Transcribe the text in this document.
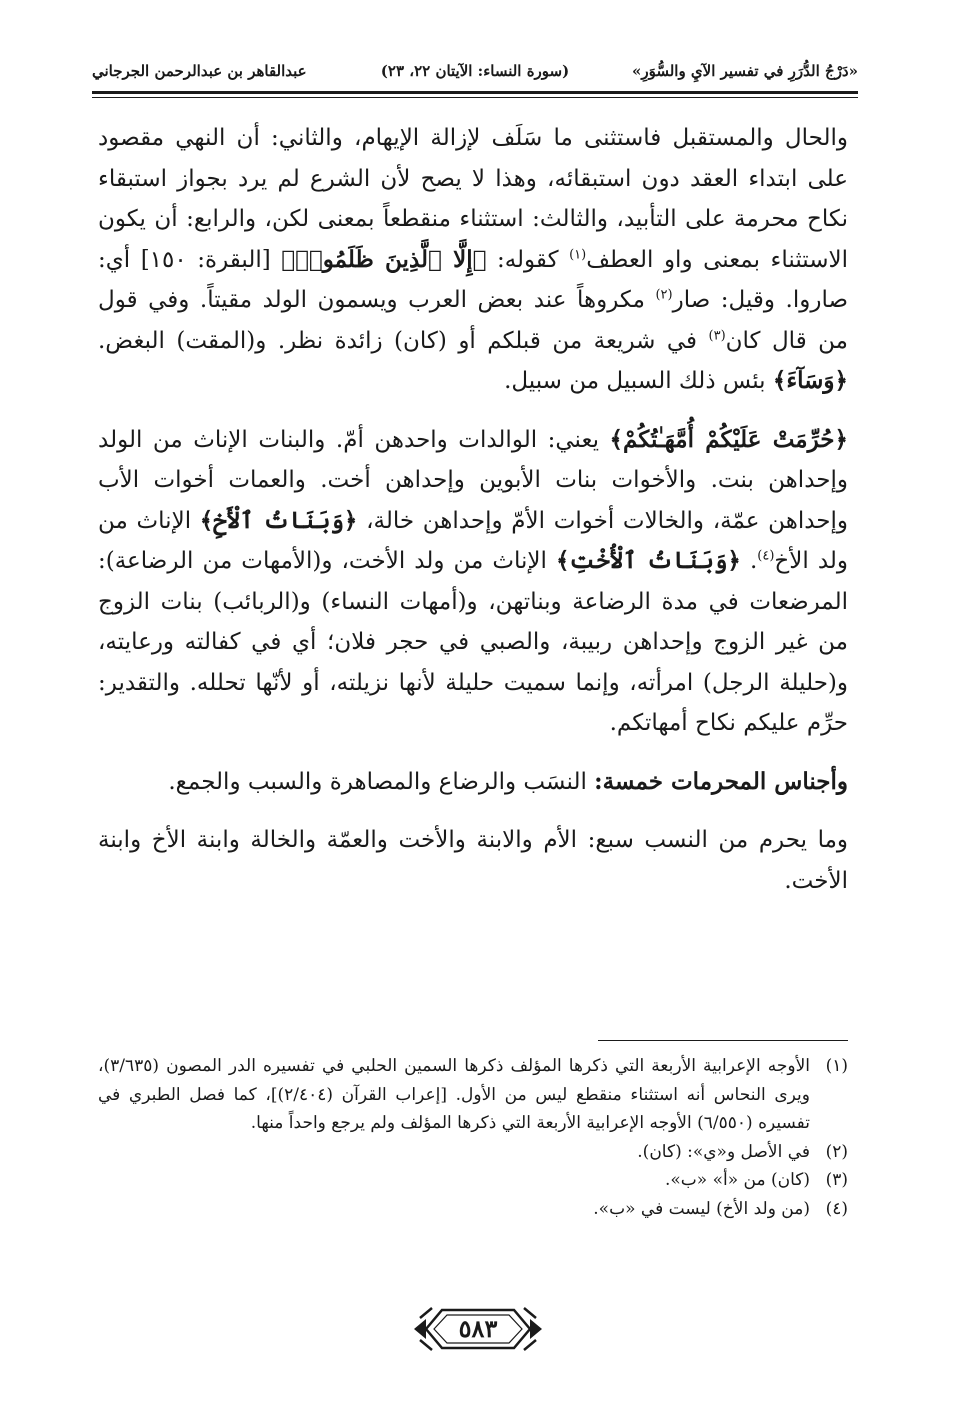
«دَرْجُ الدُّرَرِ في تفسير الآيِ والسُّوَرِ»
(سورة النساء: الآيتان ٢٢، ٢٣)
عبدالقاهر بن عبدالرحمن الجرجاني

والحال والمستقبل فاستثنى ما سَلَف لإزالة الإيهام، والثاني: أن النهي مقصود على ابتداء العقد دون استبقائه، وهذا لا يصح لأن الشرع لم يرد بجواز استبقاء نكاح محرمة على التأبيد، والثالث: استثناء منقطعاً بمعنى لكن، والرابع: أن يكون الاستثناء بمعنى واو العطف$^{(١)}$ كقوله: ﴿إِلَّا ٱلَّذِينَ ظَلَمُوا۟﴾ [البقرة: ١٥٠] أي: صاروا. وقيل: صار$^{(٢)}$ مكروهاً عند بعض العرب ويسمون الولد مقيتاً. وفي قول من قال كان$^{(٣)}$ في شريعة من قبلكم أو (كان) زائدة نظر. و(المقت) البغض. ﴿وَسَآءَ﴾ بئس ذلك السبيل من سبيل.

﴿حُرِّمَتْ عَلَيْكُمْ أُمَّهَـٰتُكُمْ﴾ يعني: الوالدات واحدهن أمّ. والبنات الإناث من الولد وإحداهن بنت. والأخوات بنات الأبوين وإحداهن أخت. والعمات أخوات الأب وإحداهن عمّة، والخالات أخوات الأمّ وإحداهن خالة، ﴿وَبَنَاتُ ٱلْأَخِ﴾ الإناث من ولد الأخ$^{(٤)}$. ﴿وَبَنَاتُ ٱلْأُخْتِ﴾ الإناث من ولد الأخت، و(الأمهات من الرضاعة): المرضعات في مدة الرضاعة وبناتهن، و(أمهات النساء) و(الربائب) بنات الزوج من غير الزوج وإحداهن ربيبة، والصبي في حجر فلان؛ أي في كفالته ورعايته، و(حليلة الرجل) امرأته، وإنما سميت حليلة لأنها نزيلته، أو لأنّها تحلله. والتقدير: حرِّم عليكم نكاح أمهاتكم.

وأجناس المحرمات خمسة: النسَب والرضاع والمصاهرة والسبب والجمع.

وما يحرم من النسب سبع: الأم والابنة والأخت والعمّة والخالة وابنة الأخ وابنة الأخت.

(١)
الأوجه الإعرابية الأربعة التي ذكرها المؤلف ذكرها السمين الحلبي في تفسيره الدر المصون (٣/٦٣٥)، ويرى النحاس أنه استثناء منقطع ليس من الأول. [إعراب القرآن (٢/٤٠٤)]، كما فصل الطبري في تفسيره (٦/٥٥٠) الأوجه الإعرابية الأربعة التي ذكرها المؤلف ولم يرجع واحداً منها.
(٢)
في الأصل و«ي»: (كان).
(٣)
(كان) من «أ» «ب».
(٤)
(من ولد الأخ) ليست في «ب».
٥٨٣
